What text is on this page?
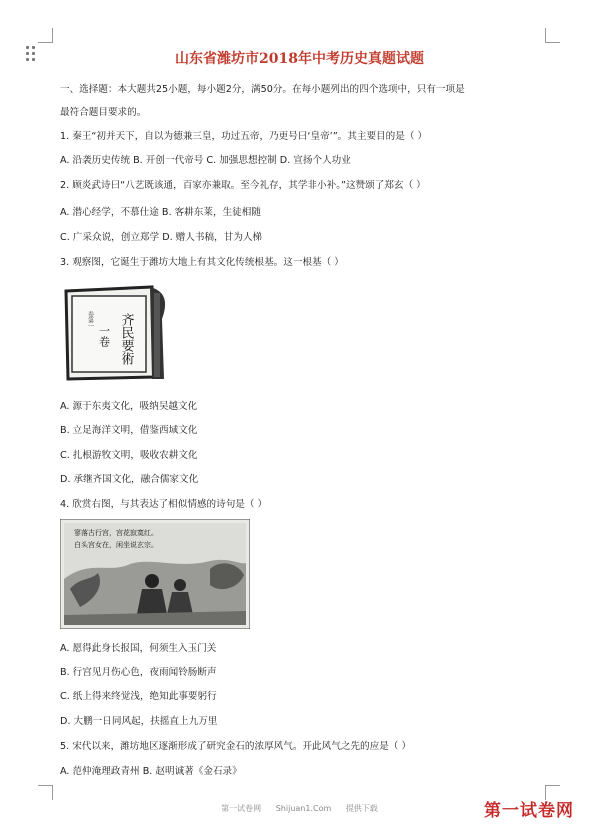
山东省潍坊市2018年中考历史真题试题
一、选择题：本大题共25小题，每小题2分，满50分。在每小题列出的四个选项中，只有一项是
最符合题目要求的。
1. 秦王“初并天下，自以为德兼三皇，功过五帝，乃更号曰‘皇帝’”。其主要目的是（ ）
A. 沿袭历史传统 B. 开创一代帝号 C. 加强思想控制 D. 宣扬个人功业
2. 顾炎武诗曰“八艺既该通，百家亦兼取。至今礼存，其学非小补。”这赞颂了郑玄（ ）
A. 潜心经学，不慕仕途 B. 客耕东莱，生徒相随
C. 广采众说，创立郑学 D. 赠人书稿，甘为人梯
3. 观察图，它诞生于潍坊大地上有其文化传统根基。这一根基（ ）
齐民要術
一卷
卷第一
A. 源于东夷文化，吸纳吴越文化
B. 立足海洋文明，借鉴西域文化
C. 扎根游牧文明，吸收农耕文化
D. 承继齐国文化，融合儒家文化
4. 欣赏右图，与其表达了相似情感的诗句是（ ）
寥落古行宫，宫花寂寞红。
白头宫女在，闲坐说玄宗。
A. 愿得此身长报国，何须生入玉门关
B. 行宫见月伤心色，夜雨闻铃肠断声
C. 纸上得来终觉浅，绝知此事要躬行
D. 大鹏一日同风起，扶摇直上九万里
5. 宋代以来，潍坊地区逐渐形成了研究金石的浓厚风气。开此风气之先的应是（ ）
A. 范仲淹理政青州 B. 赵明诚著《金石录》
第一试卷网 Shijuan1.Com 提供下载	第一试卷网
